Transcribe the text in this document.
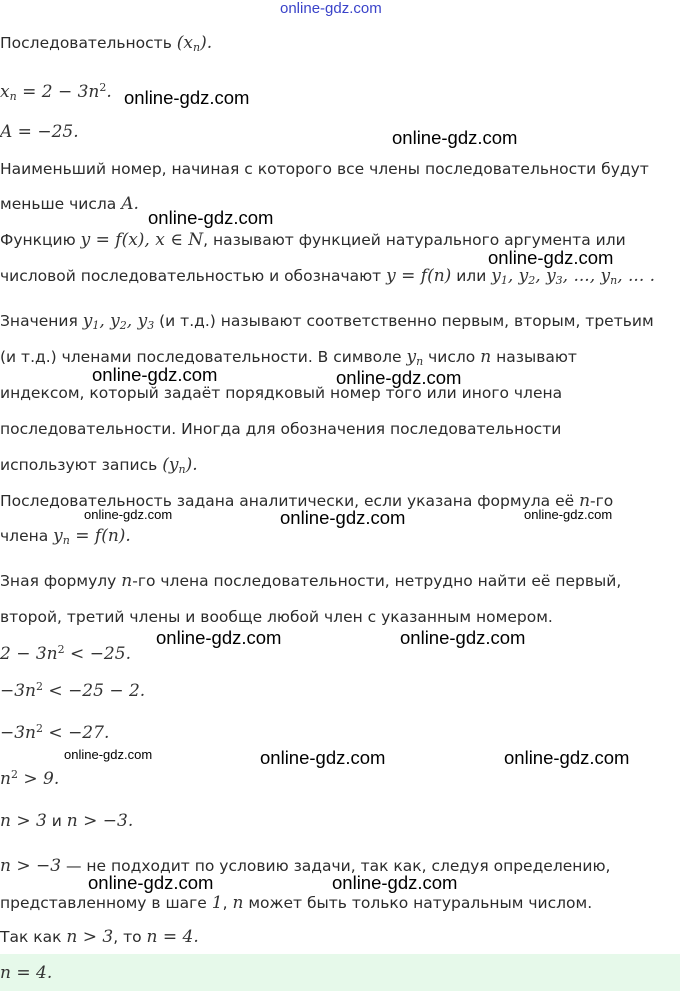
online-gdz.com
Последовательность $(x_n)$.
$x_n = 2 - 3n^2$.
A = −25.
Наименьший номер, начиная с которого все члены последовательности будут
меньше числа A.
Функцию y = f(x), x ∈ N, называют функцией натурального аргумента или
числовой последовательностью и обозначают y = f(n) или $y_1$, $y_2$, $y_3$, ..., $y_n$, ... .
Значения $y_1$, $y_2$, $y_3$ (и т.д.) называют соответственно первым, вторым, третьим
(и т.д.) членами последовательности. В символе $y_n$ число n называют
индексом, который задаёт порядковый номер того или иного члена
последовательности. Иногда для обозначения последовательности
используют запись $(y_n)$.
Последовательность задана аналитически, если указана формула её n-го
члена $y_n = f(n)$.
Зная формулу n-го члена последовательности, нетрудно найти её первый,
второй, третий члены и вообще любой член с указанным номером.
$2 - 3n^2 < -25$.
$-3n^2 < -25 - 2$.
$-3n^2 < -27$.
$n^2 > 9$.
n > 3 и n > −3.
n > −3 — не подходит по условию задачи, так как, следуя определению,
представленному в шаге 1, n может быть только натуральным числом.
Так как n > 3, то n = 4.
n = 4.
online-gdz.com
online-gdz.com
online-gdz.com
online-gdz.com
online-gdz.com	online-gdz.com
online-gdz.com	online-gdz.com	online-gdz.com
online-gdz.com	online-gdz.com
online-gdz.com	online-gdz.com	online-gdz.com
online-gdz.com	online-gdz.com
